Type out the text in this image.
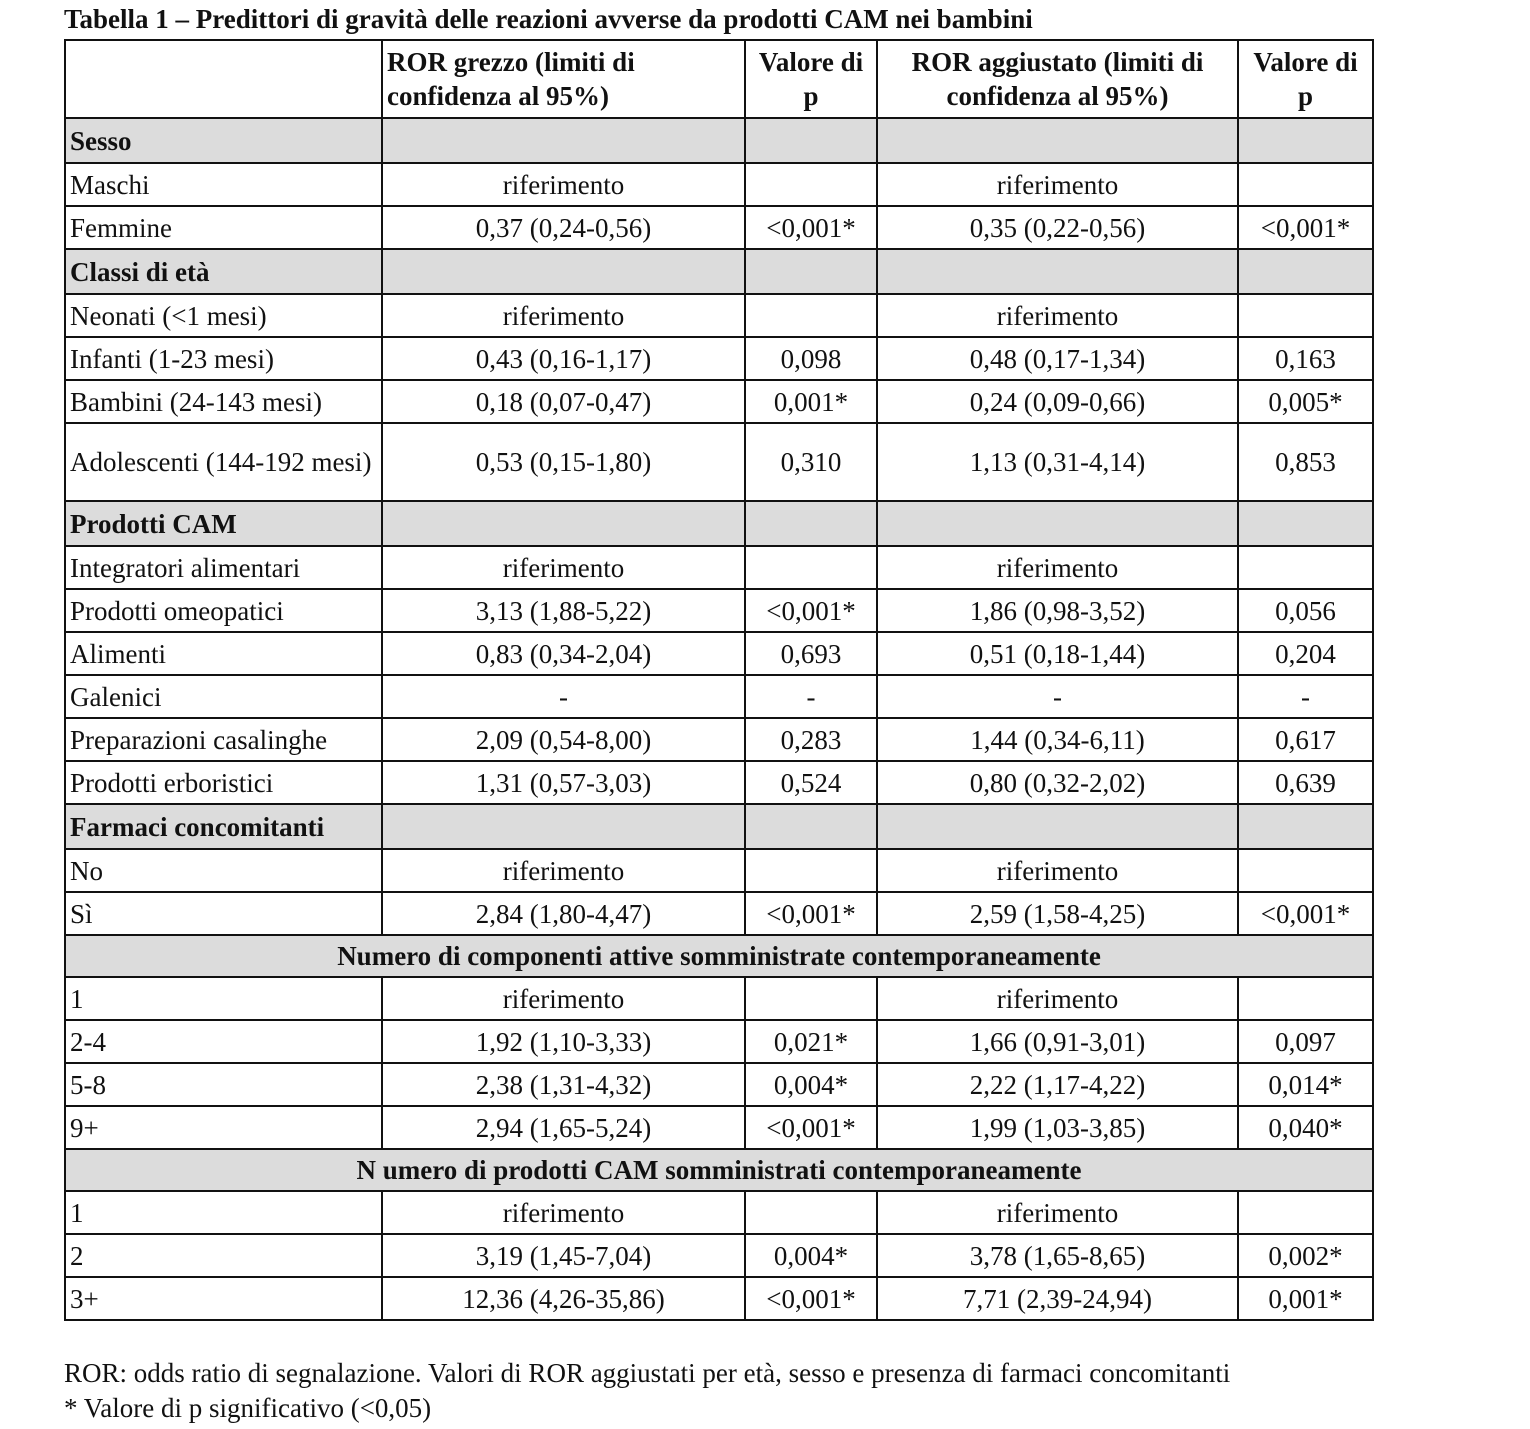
Tabella 1 – Predittori di gravità delle reazioni avverse da prodotti CAM nei bambini
	ROR grezzo (limiti di confidenza al 95%)	Valore di p	ROR aggiustato (limiti di confidenza al 95%)	Valore di p
Sesso				
Maschi	riferimento		riferimento	
Femmine	0,37 (0,24-0,56)	<0,001*	0,35 (0,22-0,56)	<0,001*
Classi di età				
Neonati (<1 mesi)	riferimento		riferimento	
Infanti (1-23 mesi)	0,43 (0,16-1,17)	0,098	0,48 (0,17-1,34)	0,163
Bambini (24-143 mesi)	0,18 (0,07-0,47)	0,001*	0,24 (0,09-0,66)	0,005*
Adolescenti (144-192 mesi)	0,53 (0,15-1,80)	0,310	1,13 (0,31-4,14)	0,853
Prodotti CAM				
Integratori alimentari	riferimento		riferimento	
Prodotti omeopatici	3,13 (1,88-5,22)	<0,001*	1,86 (0,98-3,52)	0,056
Alimenti	0,83 (0,34-2,04)	0,693	0,51 (0,18-1,44)	0,204
Galenici	-	-	-	-
Preparazioni casalinghe	2,09 (0,54-8,00)	0,283	1,44 (0,34-6,11)	0,617
Prodotti erboristici	1,31 (0,57-3,03)	0,524	0,80 (0,32-2,02)	0,639
Farmaci concomitanti				
No	riferimento		riferimento	
Sì	2,84 (1,80-4,47)	<0,001*	2,59 (1,58-4,25)	<0,001*
Numero di componenti attive somministrate contemporaneamente				
1	riferimento		riferimento	
2-4	1,92 (1,10-3,33)	0,021*	1,66 (0,91-3,01)	0,097
5-8	2,38 (1,31-4,32)	0,004*	2,22 (1,17-4,22)	0,014*
9+	2,94 (1,65-5,24)	<0,001*	1,99 (1,03-3,85)	0,040*
N umero di prodotti CAM somministrati contemporaneamente				
1	riferimento		riferimento	
2	3,19 (1,45-7,04)	0,004*	3,78 (1,65-8,65)	0,002*
3+	12,36 (4,26-35,86)	<0,001*	7,71 (2,39-24,94)	0,001*
ROR: odds ratio di segnalazione. Valori di ROR aggiustati per età, sesso e presenza di farmaci concomitanti
* Valore di p significativo (<0,05)
